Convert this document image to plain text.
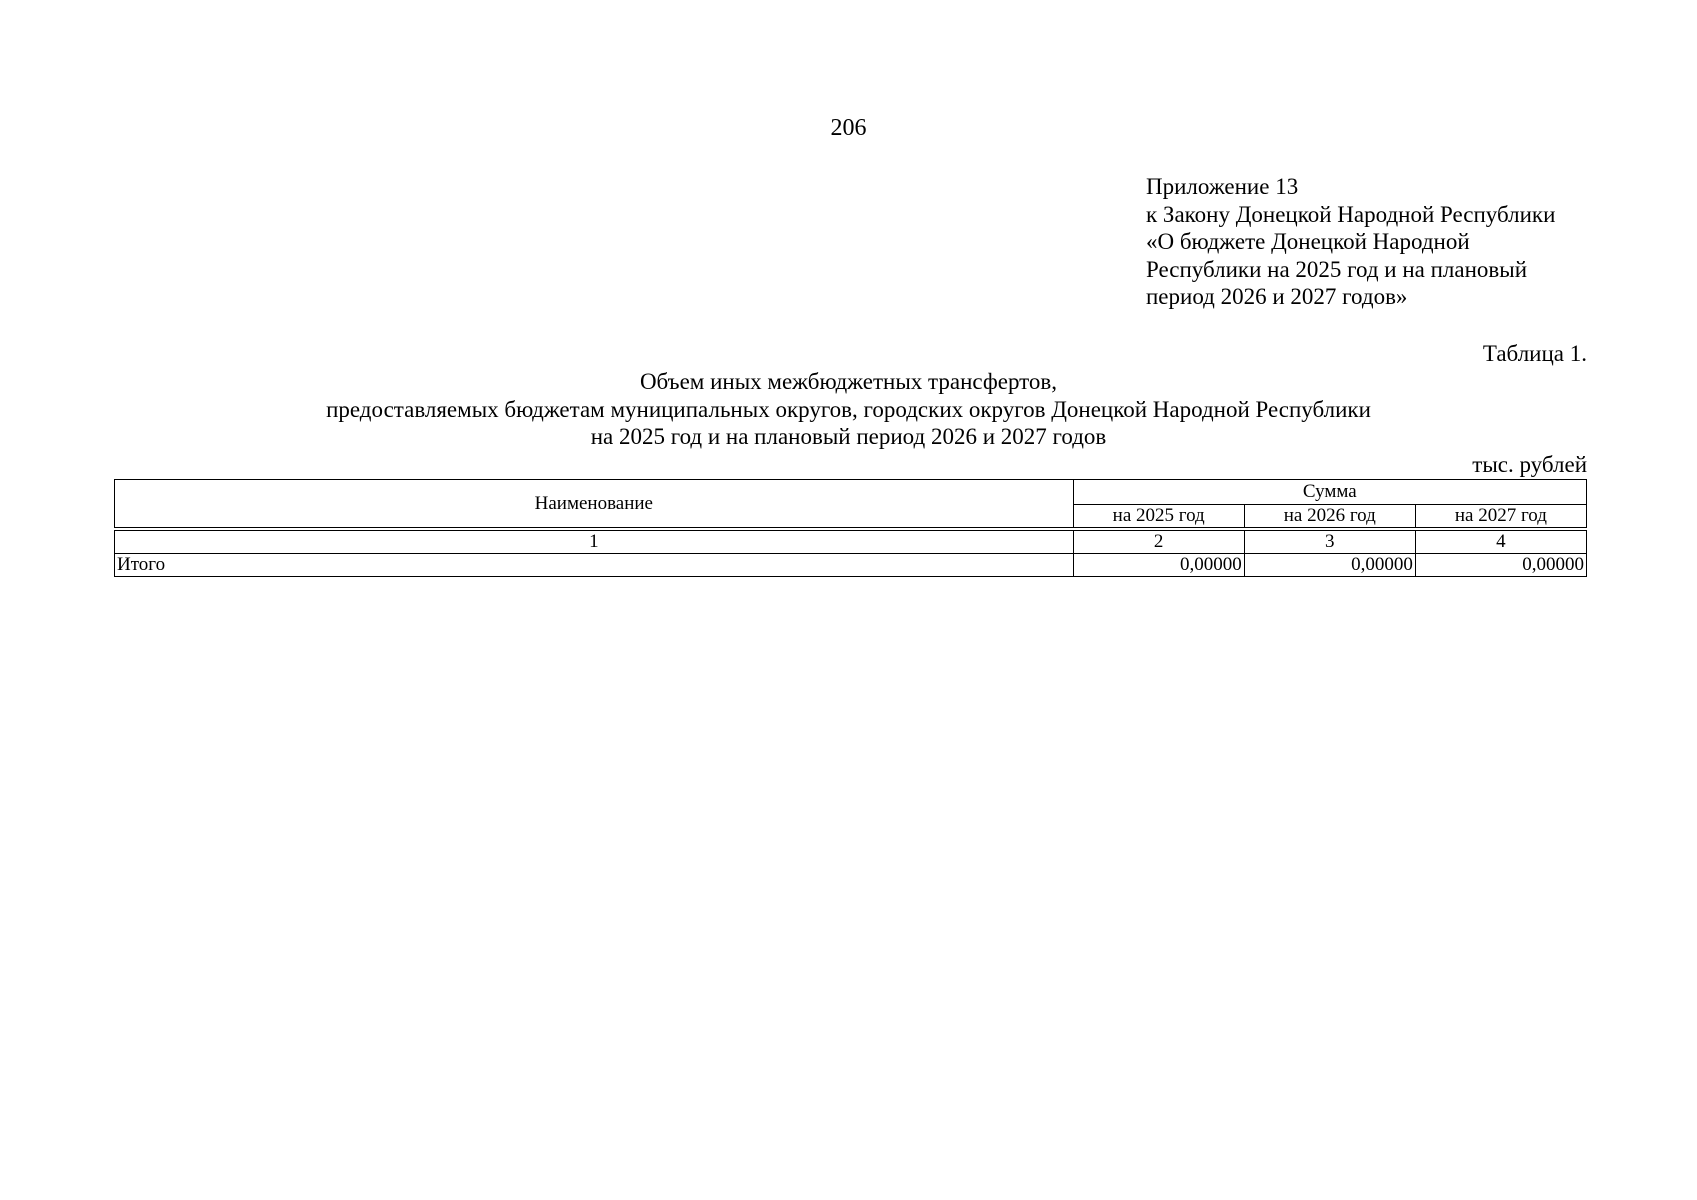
206
Приложение 13
к Закону Донецкой Народной Республики
«О бюджете Донецкой Народной
Республики на 2025 год и на плановый
период 2026 и 2027 годов»
Таблица 1.
Объем иных межбюджетных трансфертов,
предоставляемых бюджетам муниципальных округов, городских округов Донецкой Народной Республики
на 2025 год и на плановый период 2026 и 2027 годов
тыс. рублей
Наименование	Сумма		
	на 2025 год	на 2026 год	на 2027 год
1	2	3	4
Итого	0,00000	0,00000	0,00000
